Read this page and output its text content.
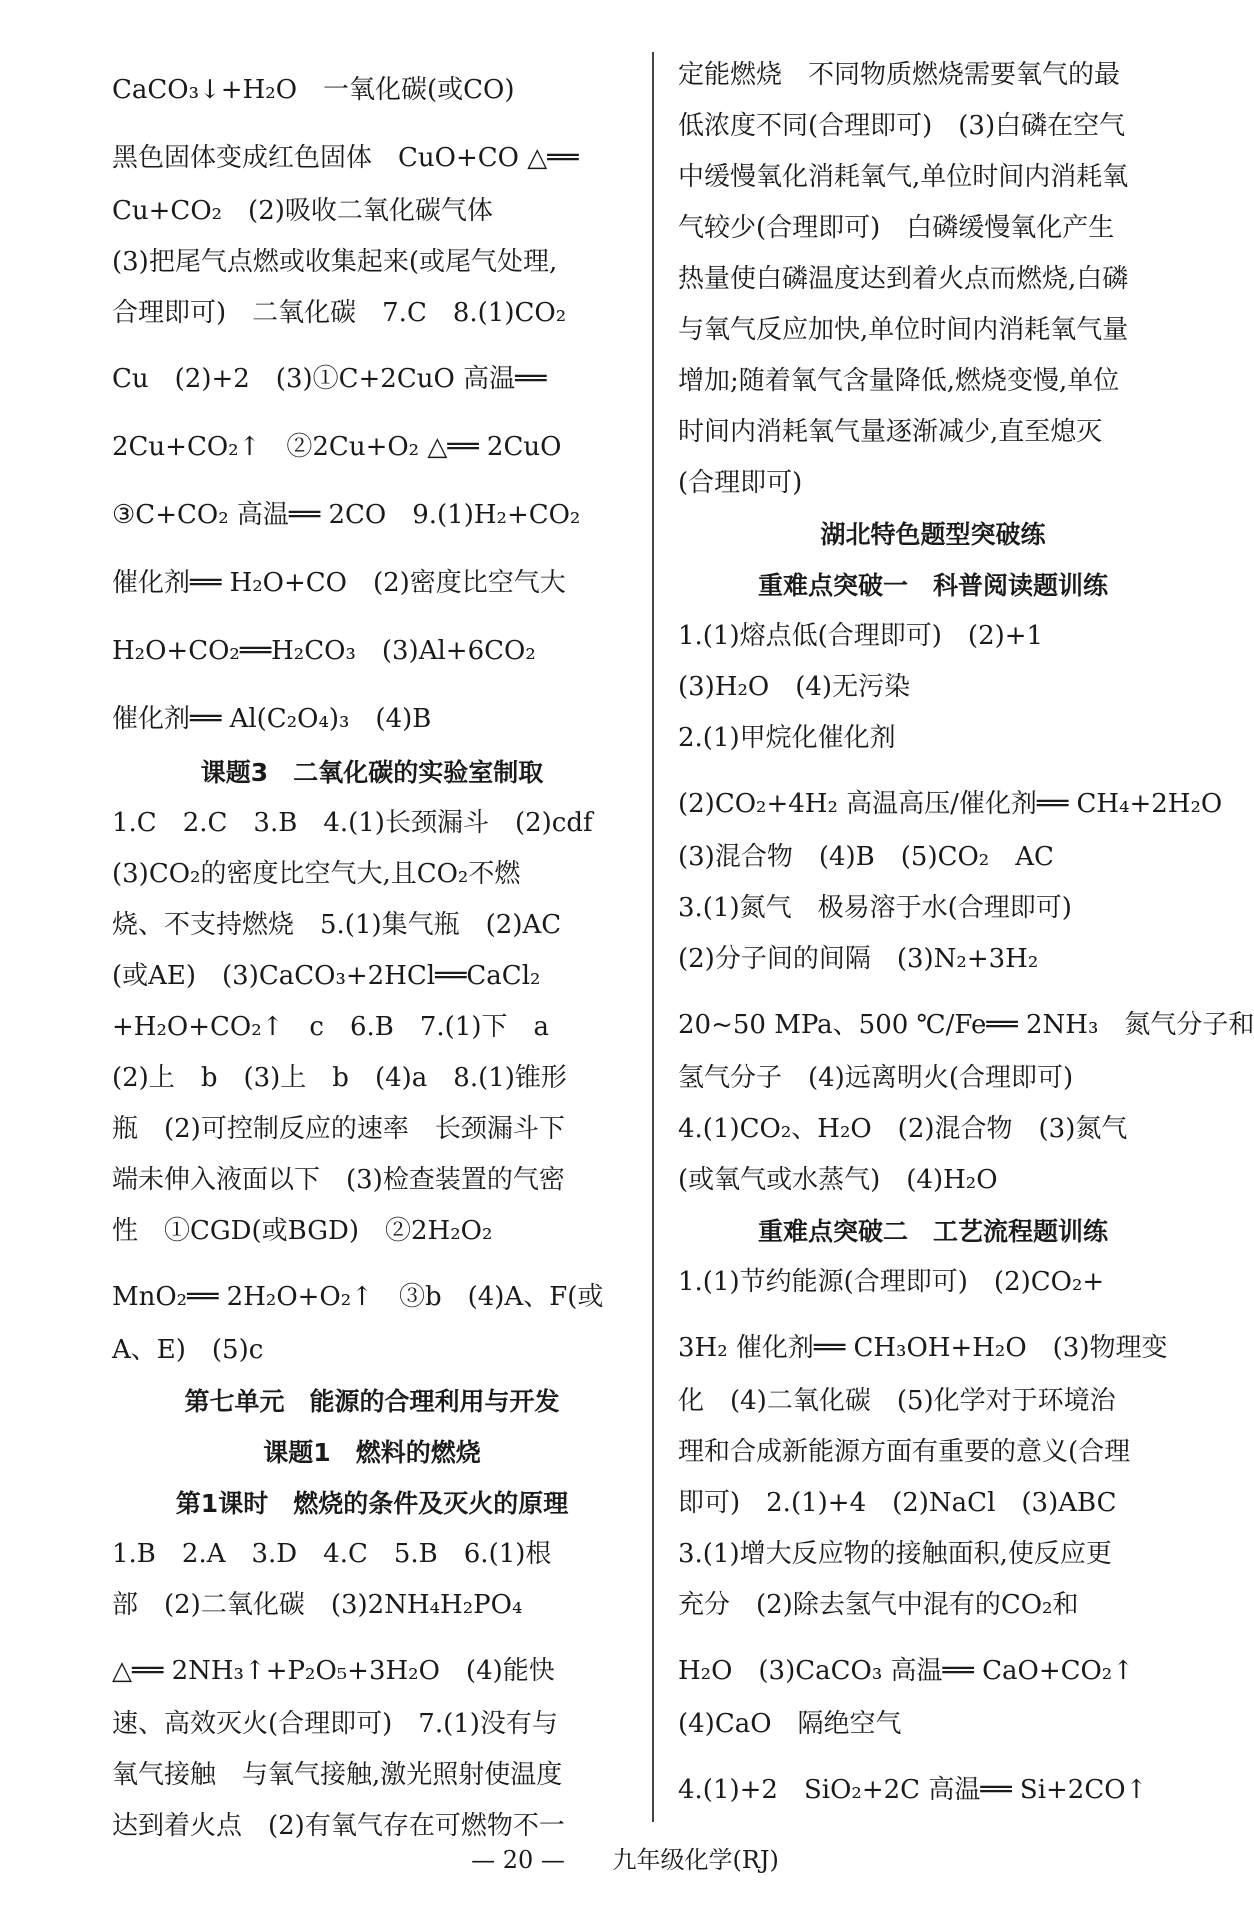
CaCO₃↓+H₂O　一氧化碳(或CO)
黑色固体变成红色固体　CuO+CO △══
Cu+CO₂　(2)吸收二氧化碳气体
(3)把尾气点燃或收集起来(或尾气处理,
合理即可)　二氧化碳　7.C　8.(1)CO₂
Cu　(2)+2　(3)①C+2CuO 高温══
2Cu+CO₂↑　②2Cu+O₂ △══ 2CuO
③C+CO₂ 高温══ 2CO　9.(1)H₂+CO₂
催化剂══ H₂O+CO　(2)密度比空气大
H₂O+CO₂══H₂CO₃　(3)Al+6CO₂
催化剂══ Al(C₂O₄)₃　(4)B
课题3　二氧化碳的实验室制取
1.C　2.C　3.B　4.(1)长颈漏斗　(2)cdf
(3)CO₂的密度比空气大,且CO₂不燃
烧、不支持燃烧　5.(1)集气瓶　(2)AC
(或AE)　(3)CaCO₃+2HCl══CaCl₂
+H₂O+CO₂↑　c　6.B　7.(1)下　a
(2)上　b　(3)上　b　(4)a　8.(1)锥形
瓶　(2)可控制反应的速率　长颈漏斗下
端未伸入液面以下　(3)检查装置的气密
性　①CGD(或BGD)　②2H₂O₂
MnO₂══ 2H₂O+O₂↑　③b　(4)A、F(或
A、E)　(5)c
第七单元　能源的合理利用与开发
课题1　燃料的燃烧
第1课时　燃烧的条件及灭火的原理
1.B　2.A　3.D　4.C　5.B　6.(1)根
部　(2)二氧化碳　(3)2NH₄H₂PO₄
△══ 2NH₃↑+P₂O₅+3H₂O　(4)能快
速、高效灭火(合理即可)　7.(1)没有与
氧气接触　与氧气接触,激光照射使温度
达到着火点　(2)有氧气存在可燃物不一
定能燃烧　不同物质燃烧需要氧气的最
低浓度不同(合理即可)　(3)白磷在空气
中缓慢氧化消耗氧气,单位时间内消耗氧
气较少(合理即可)　白磷缓慢氧化产生
热量使白磷温度达到着火点而燃烧,白磷
与氧气反应加快,单位时间内消耗氧气量
增加;随着氧气含量降低,燃烧变慢,单位
时间内消耗氧气量逐渐减少,直至熄灭
(合理即可)
湖北特色题型突破练
重难点突破一　科普阅读题训练
1.(1)熔点低(合理即可)　(2)+1
(3)H₂O　(4)无污染
2.(1)甲烷化催化剂
(2)CO₂+4H₂ 高温高压/催化剂══ CH₄+2H₂O
(3)混合物　(4)B　(5)CO₂　AC
3.(1)氮气　极易溶于水(合理即可)
(2)分子间的间隔　(3)N₂+3H₂
20~50 MPa、500 ℃/Fe══ 2NH₃　氮气分子和
氢气分子　(4)远离明火(合理即可)
4.(1)CO₂、H₂O　(2)混合物　(3)氮气
(或氧气或水蒸气)　(4)H₂O
重难点突破二　工艺流程题训练
1.(1)节约能源(合理即可)　(2)CO₂+
3H₂ 催化剂══ CH₃OH+H₂O　(3)物理变
化　(4)二氧化碳　(5)化学对于环境治
理和合成新能源方面有重要的意义(合理
即可)　2.(1)+4　(2)NaCl　(3)ABC
3.(1)增大反应物的接触面积,使反应更
充分　(2)除去氢气中混有的CO₂和
H₂O　(3)CaCO₃ 高温══ CaO+CO₂↑
(4)CaO　隔绝空气
4.(1)+2　SiO₂+2C 高温══ Si+2CO↑
— 20 — 九年级化学(RJ)
